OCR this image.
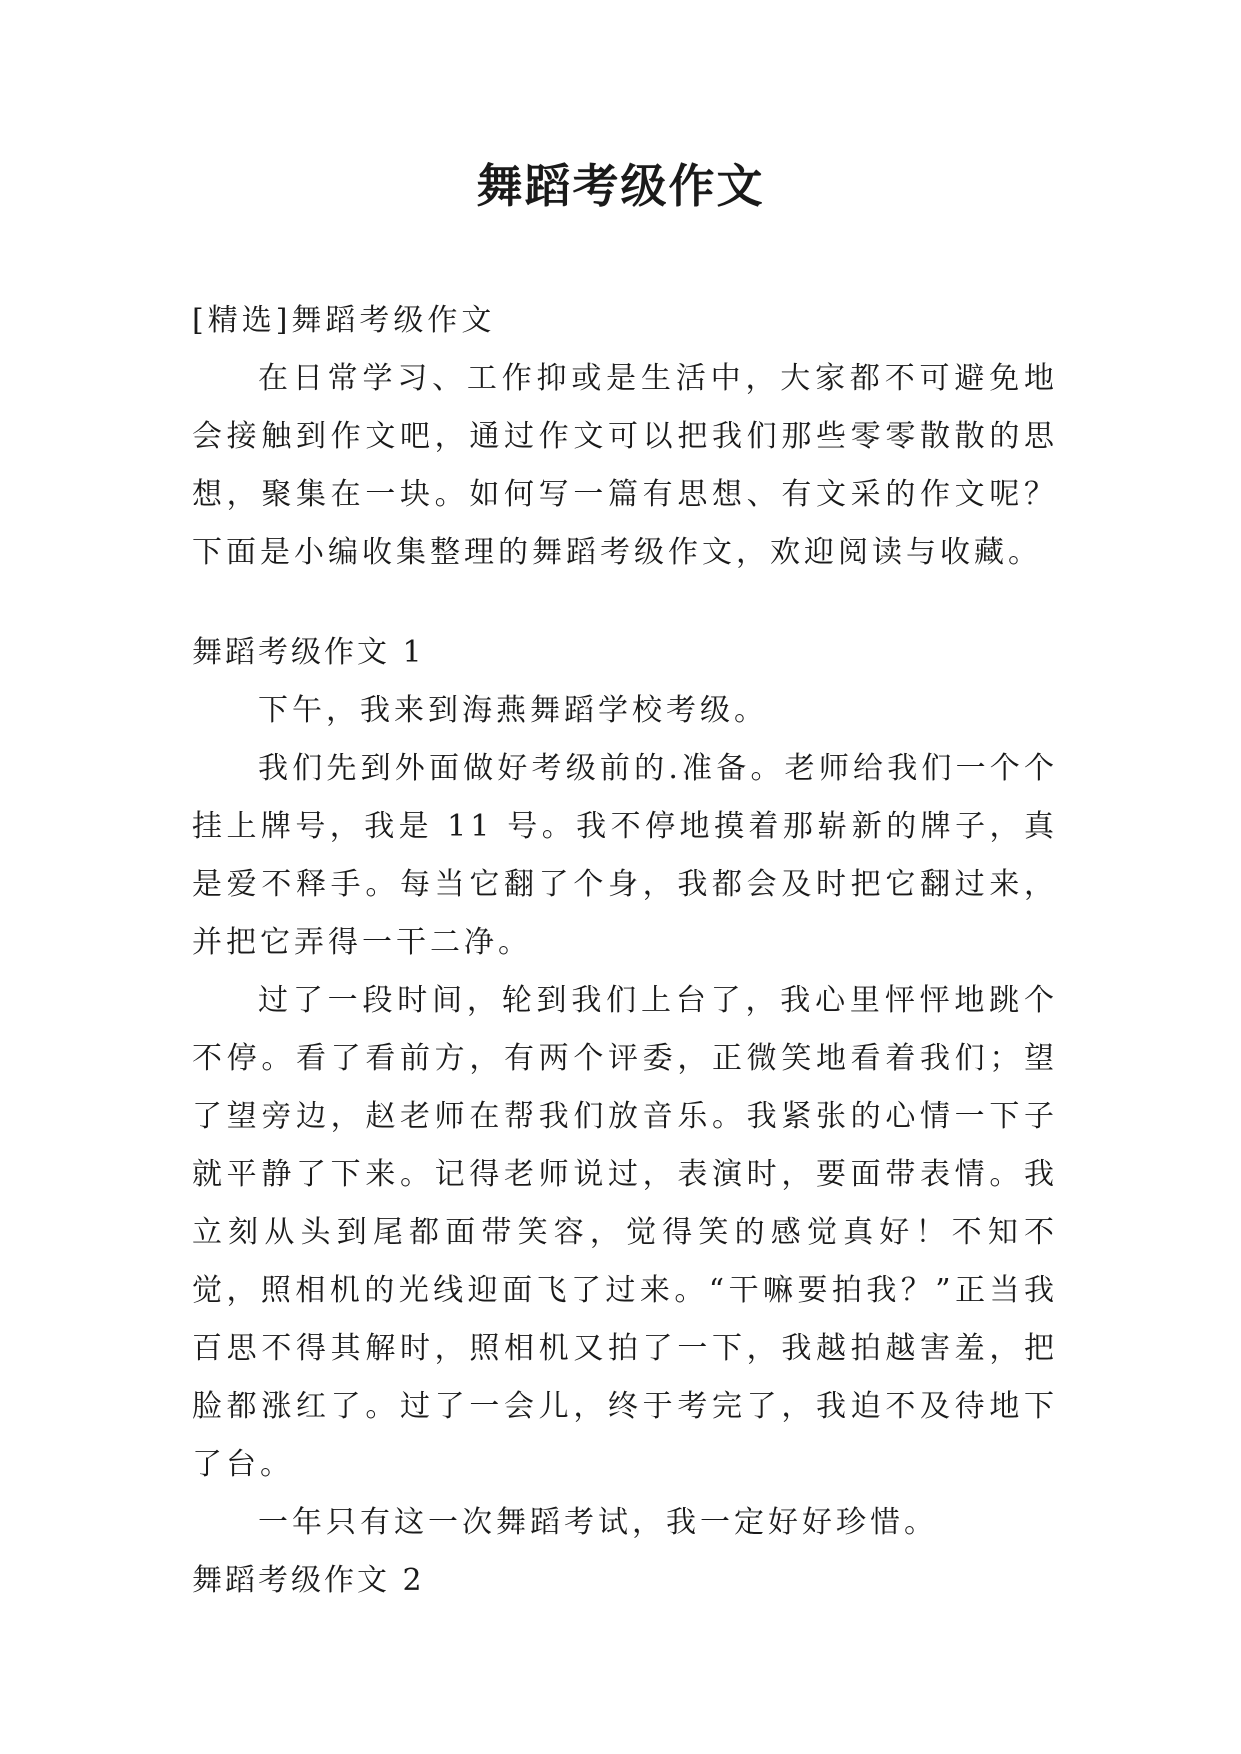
舞蹈考级作文

[精选]舞蹈考级作文

在日常学习、工作抑或是生活中，大家都不可避免地会接触到作文吧，通过作文可以把我们那些零零散散的思想，聚集在一块。如何写一篇有思想、有文采的作文呢？下面是小编收集整理的舞蹈考级作文，欢迎阅读与收藏。

舞蹈考级作文 1

下午，我来到海燕舞蹈学校考级。

我们先到外面做好考级前的.准备。老师给我们一个个挂上牌号，我是 11 号。我不停地摸着那崭新的牌子，真是爱不释手。每当它翻了个身，我都会及时把它翻过来，并把它弄得一干二净。

过了一段时间，轮到我们上台了，我心里怦怦地跳个不停。看了看前方，有两个评委，正微笑地看着我们；望了望旁边，赵老师在帮我们放音乐。我紧张的心情一下子就平静了下来。记得老师说过，表演时，要面带表情。我立刻从头到尾都面带笑容，觉得笑的感觉真好！不知不觉，照相机的光线迎面飞了过来。“干嘛要拍我？”正当我百思不得其解时，照相机又拍了一下，我越拍越害羞，把脸都涨红了。过了一会儿，终于考完了，我迫不及待地下了台。

一年只有这一次舞蹈考试，我一定好好珍惜。

舞蹈考级作文 2
